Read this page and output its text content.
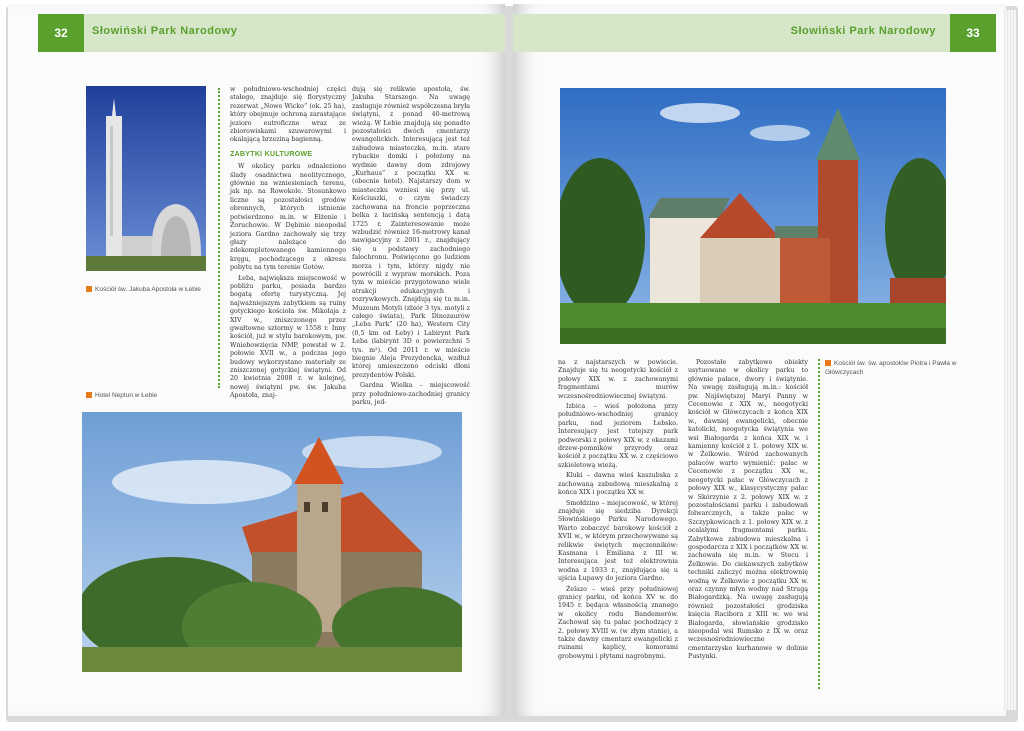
32	Słowiński Park Narodowy
Kościół św. Jakuba Apostoła w Łebie
Hotel Neptun w Łebie

w południowo-wschodniej części stałego, znajduje się florystyczny rezerwat „Nowe Wicko” (ok. 25 ha), który obejmuje ochroną zarastające jezioro eutroficzne wraz ze zbiorowiskami szuwarowymi i okalającą brzeziną bagienną.

ZABYTKI KULTUROWE

W okolicy parku odnaleziono ślady osadnictwa neolitycznego, głównie na wzniesieniach terenu, jak np. na Rowokole. Stosunkowo liczne są pozostałości grodów obronnych, których istnienie potwierdzono m.in. w Ełżenie i Żoruchowie. W Dębinie nieopodal jeziora Gardno zachowały się trzy głazy należące do zdekompletowanego kamiennego kręgu, pochodzącego z okresu pobytu na tym terenie Gotów.

Łeba, największa miejscowość w pobliżu parku, posiada bardzo bogatą ofertę turystyczną. Jej najważniejszym zabytkiem są ruiny gotyckiego kościoła św. Mikołaja z XIV w., zniszczonego przez gwałtowne sztormy w 1558 r. Inny kościół, już w stylu barokowym, pw. Wniebowzięcia NMP, powstał w 2. połowie XVII w., a podczas jego budowy wykorzystano materiały ze zniszczonej gotyckiej świątyni. Od 20 kwietnia 2008 r. w kolejnej, nowej świątyni pw. św. Jakuba Apostoła, znaj-

dują się relikwie apostoła, św. Jakuba Starszego. Na uwagę zasługuje również współczesna bryła świątyni, z ponad 40-metrową wieżą. W Łebie znajdują się ponadto pozostałości dwóch cmentarzy ewangelickich. Interesującą jest też zabudowa miasteczka, m.in. stare rybackie domki i położony na wydmie dawny dom zdrojowy „Kurhaus” z początku XX w. (obecnie hotel). Najstarszy dom w miasteczku wzniesi się przy ul. Kościuszki, o czym świadczy zachowana na froncie poprzeczna belka z łacińską sentencją i datą 1725 r. Zainteresowanie może wzbudzić również 16-metrowy kanał nawigacyjny z 2001 r., znajdujący się u podstawy zachodniego falochronu. Poświęcono go ludziom morza i tym, którzy nigdy nie powrócili z wypraw morskich. Poza tym w mieście przygotowano wiele atrakcji edukacyjnych i rozrywkowych. Znajdują się tu m.in. Muzeum Motyli (zbiór 3 tys. motyli z całego świata), Park Dinozaurów „Łeba Park” (20 ha), Western City (0,5 km od Łeby) i Labirynt Park Łeba (labirynt 3D o powierzchni 5 tys. m²). Od 2011 r. w mieście biegnie Aleja Prezydencka, wzdłuż której umieszczono odciski dłoni prezydentów Polski.

Gardna Wielka – miejscowość przy południowo-zachodniej granicy parku, jed-

Słowiński Park Narodowy	33
Kościół św. św. apostołów Piotra i Pawła w Główczycach

na z najstarszych w powiecie. Znajduje się tu neogotycki kościół z połowy XIX w. z zachowanymi fragmentami murów wczesnośredniowiecznej świątyni.

Izbica – wieś położona przy południowo-wschodniej granicy parku, nad jeziorem Łebsko. Interesujący jest tutejszy park podworski z połowy XIX w. z okazami drzew-pomników przyrody oraz kościół z początku XX w. z częściowo szkieletową wieżą.

Kluki – dawna wieś kaszubska z zachowaną zabudową mieszkalną z końca XIX i początku XX w.

Smołdzino – miejscowość, w której znajduje się siedziba Dyrekcji Słowińskiego Parku Narodowego. Warto zobaczyć barokowy kościół z XVII w., w którym przechowywane są relikwie świętych męczenników: Kasmana i Emiliana z III w. Interesująca jest też elektrownia wodna z 1933 r., znajdująca się u ujścia Łupawy do jeziora Gardno.

Żelazo – wieś przy południowej granicy parku, od końca XV w. do 1945 r. będąca własnością znanego w okolicy rodu Bandemerów. Zachował się tu pałac pochodzący z 2. połowy XVIII w. (w złym stanie), a także dawny cmentarz ewangelicki z ruinami kaplicy, komorami grobowymi i płytami nagrobnymi.

Pozostałe zabytkowe obiekty usytuowane w okolicy parku to głównie pałace, dwory i świątynie. Na uwagę zasługują m.in.: kościół pw. Najświętszej Maryi Panny w Cecenowie z XIX w., neogotycki kościół w Główczycach z końca XIX w., dawniej ewangelicki, obecnie katolicki, neogotycka świątynia we wsi Białogarda z końca XIX w. i kamienny kościół z 1. połowy XIX w. w Żelkowie. Wśród zachowanych pałaców warto wymienić: pałac w Cecenowie z początku XX w., neogotycki pałac w Główczycach z połowy XIX w., klasycystyczny pałac w Skórzynie z 2. połowy XIX w. z pozostałościami parku i zabudowań folwarcznych, a także pałac w Szczypkowicach z 1. połowy XIX w. z ocalałymi fragmentami parku. Zabytkowa zabudowa mieszkalna i gospodarcza z XIX i początków XX w. zachowała się m.in. w Stecu i Żelkowie. Do ciekawszych zabytków techniki zaliczyć można elektrownię wodną w Żelkowie z początku XX w. oraz czynny młyn wodny nad Strugą Białogardzką. Na uwagę zasługują również pozostałości grodziska księcia Racibora z XIII w. we wsi Białogarda, słowiańskie grodzisko nieopodal wsi Rumsko z IX w. oraz wczesnośredniowieczne cmentarzysko kurhanowe w dolinie Pustynki.
